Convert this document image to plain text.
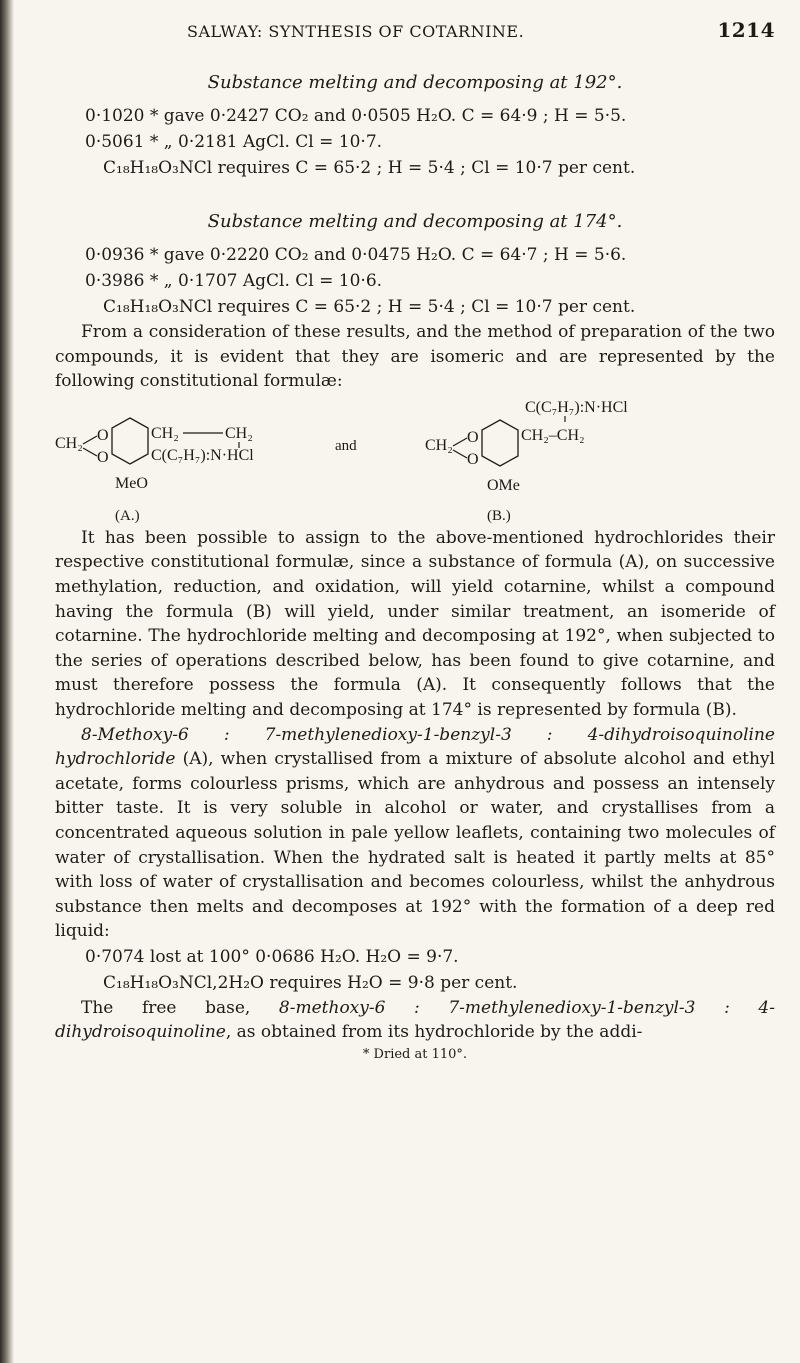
SALWAY: SYNTHESIS OF COTARNINE.	1214

Substance melting and decomposing at 192°.

0·1020 * gave 0·2427 CO₂ and 0·0505 H₂O. C = 64·9 ; H = 5·5.
0·5061 * „ 0·2181 AgCl. Cl = 10·7.
C₁₈H₁₈O₃NCl requires C = 65·2 ; H = 5·4 ; Cl = 10·7 per cent.

Substance melting and decomposing at 174°.

0·0936 * gave 0·2220 CO₂ and 0·0475 H₂O. C = 64·7 ; H = 5·6.
0·3986 * „ 0·1707 AgCl. Cl = 10·6.
C₁₈H₁₈O₃NCl requires C = 65·2 ; H = 5·4 ; Cl = 10·7 per cent.

From a consideration of these results, and the method of preparation of the two compounds, it is evident that they are isomeric and are represented by the following constitutional formulæ:

CH₂ O
O
CH₂	CH₂
C(C₇H₇):N·HCl
MeO
(A.)
and
C(C₇H₇):N·HCl
CH₂ O
O
CH₂–CH₂
OMe
(B.)

It has been possible to assign to the above-mentioned hydrochlorides their respective constitutional formulæ, since a substance of formula (A), on successive methylation, reduction, and oxidation, will yield cotarnine, whilst a compound having the formula (B) will yield, under similar treatment, an isomeride of cotarnine. The hydrochloride melting and decomposing at 192°, when subjected to the series of operations described below, has been found to give cotarnine, and must therefore possess the formula (A). It consequently follows that the hydrochloride melting and decomposing at 174° is represented by formula (B).

8-Methoxy-6 : 7-methylenedioxy-1-benzyl-3 : 4-dihydroisoquinoline hydrochloride (A), when crystallised from a mixture of absolute alcohol and ethyl acetate, forms colourless prisms, which are anhydrous and possess an intensely bitter taste. It is very soluble in alcohol or water, and crystallises from a concentrated aqueous solution in pale yellow leaflets, containing two molecules of water of crystallisation. When the hydrated salt is heated it partly melts at 85° with loss of water of crystallisation and becomes colourless, whilst the anhydrous substance then melts and decomposes at 192° with the formation of a deep red liquid:

0·7074 lost at 100° 0·0686 H₂O. H₂O = 9·7.
C₁₈H₁₈O₃NCl,2H₂O requires H₂O = 9·8 per cent.

The free base, 8-methoxy-6 : 7-methylenedioxy-1-benzyl-3 : 4-dihydroisoquinoline, as obtained from its hydrochloride by the addi-

* Dried at 110°.
